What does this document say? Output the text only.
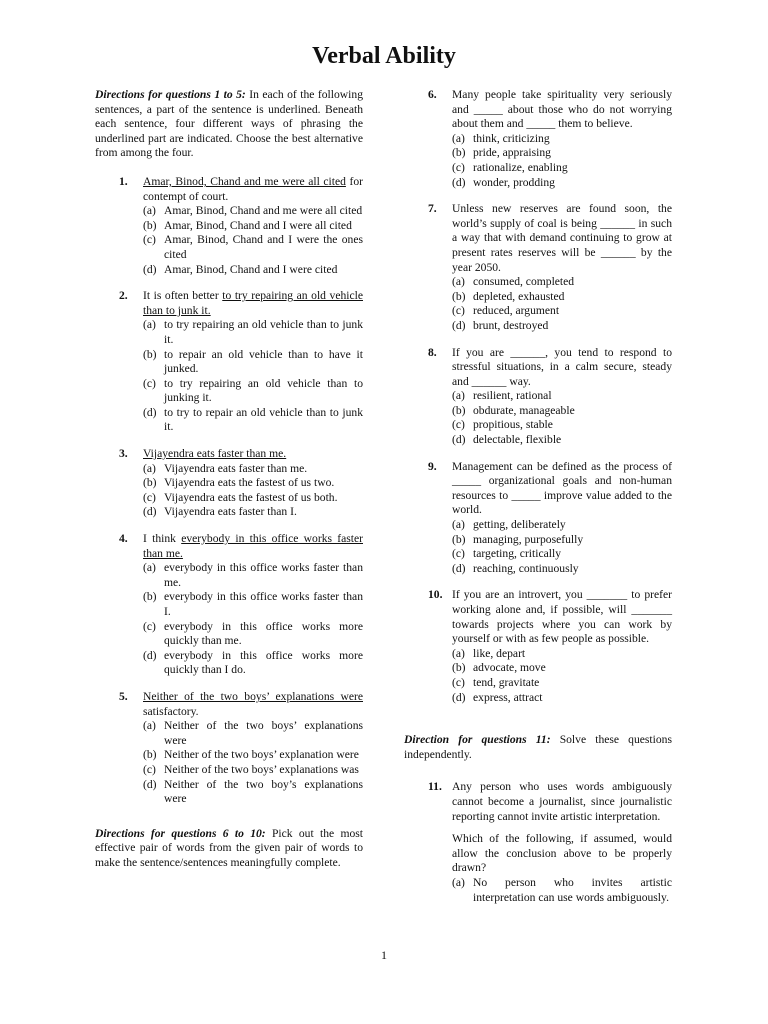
Verbal Ability
Directions for questions 1 to 5: In each of the following sentences, a part of the sentence is underlined. Beneath each sentence, four different ways of phrasing the underlined part are indicated. Choose the best alternative from among the four.
1. Amar, Binod, Chand and me were all cited for contempt of court.
(a) Amar, Binod, Chand and me were all cited
(b) Amar, Binod, Chand and I were all cited
(c) Amar, Binod, Chand and I were the ones cited
(d) Amar, Binod, Chand and I were cited
2. It is often better to try repairing an old vehicle than to junk it.
(a) to try repairing an old vehicle than to junk it.
(b) to repair an old vehicle than to have it junked.
(c) to try repairing an old vehicle than to junking it.
(d) to try to repair an old vehicle than to junk it.
3. Vijayendra eats faster than me.
(a) Vijayendra eats faster than me.
(b) Vijayendra eats the fastest of us two.
(c) Vijayendra eats the fastest of us both.
(d) Vijayendra eats faster than I.
4. I think everybody in this office works faster than me.
(a) everybody in this office works faster than me.
(b) everybody in this office works faster than I.
(c) everybody in this office works more quickly than me.
(d) everybody in this office works more quickly than I do.
5. Neither of the two boys’ explanations were satisfactory.
(a) Neither of the two boys’ explanations were
(b) Neither of the two boys’ explanation were
(c) Neither of the two boys’ explanations was
(d) Neither of the two boy’s explanations were
Directions for questions 6 to 10: Pick out the most effective pair of words from the given pair of words to make the sentence/sentences meaningfully complete.
6. Many people take spirituality very seriously and _____ about those who do not worrying about them and _____ them to believe.
(a) think, criticizing
(b) pride, appraising
(c) rationalize, enabling
(d) wonder, prodding
7. Unless new reserves are found soon, the world’s supply of coal is being ______ in such a way that with demand continuing to grow at present rates reserves will be ______ by the year 2050.
(a) consumed, completed
(b) depleted, exhausted
(c) reduced, argument
(d) brunt, destroyed
8. If you are ______, you tend to respond to stressful situations, in a calm secure, steady and ______ way.
(a) resilient, rational
(b) obdurate, manageable
(c) propitious, stable
(d) delectable, flexible
9. Management can be defined as the process of _____ organizational goals and non-human resources to _____ improve value added to the world.
(a) getting, deliberately
(b) managing, purposefully
(c) targeting, critically
(d) reaching, continuously
10. If you are an introvert, you _______ to prefer working alone and, if possible, will _______ towards projects where you can work by yourself or with as few people as possible.
(a) like, depart
(b) advocate, move
(c) tend, gravitate
(d) express, attract
Direction for questions 11: Solve these questions independently.
11. Any person who uses words ambiguously cannot become a journalist, since journalistic reporting cannot invite artistic interpretation.
Which of the following, if assumed, would allow the conclusion above to be properly drawn?
(a) No person who invites artistic interpretation can use words ambiguously.
1
